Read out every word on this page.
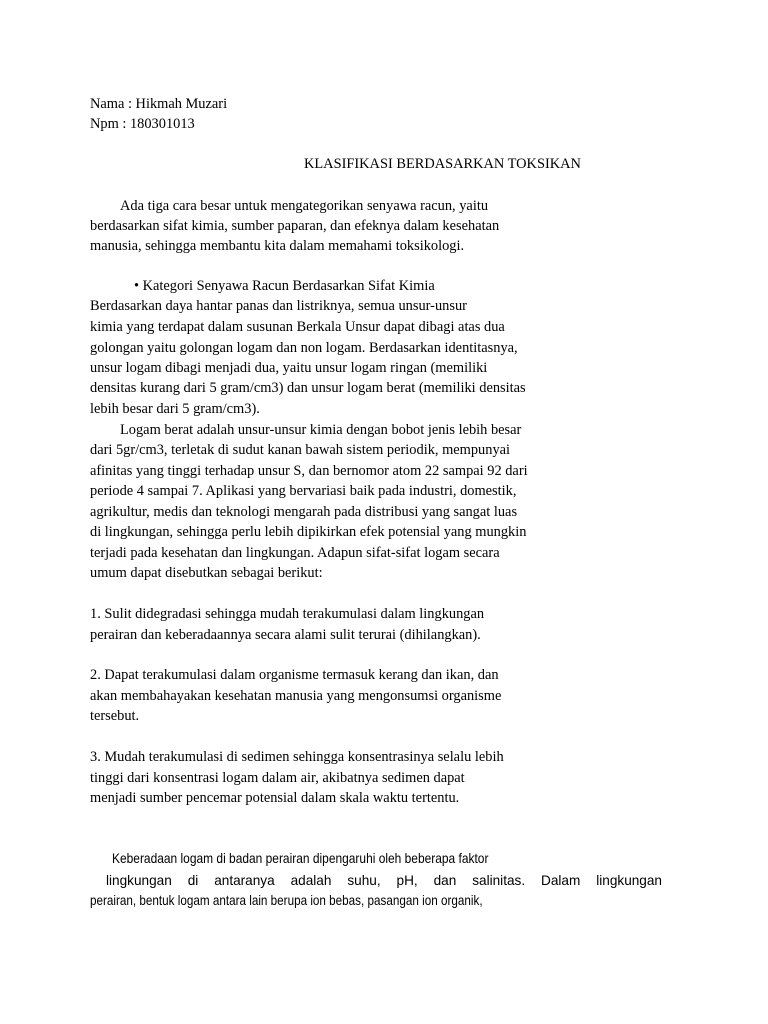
Nama : Hikmah Muzari
Npm : 180301013
KLASIFIKASI BERDASARKAN TOKSIKAN
Ada tiga cara besar untuk mengategorikan senyawa racun, yaitu
berdasarkan sifat kimia, sumber paparan, dan efeknya dalam kesehatan
manusia, sehingga membantu kita dalam memahami toksikologi.
• Kategori Senyawa Racun Berdasarkan Sifat Kimia
Berdasarkan daya hantar panas dan listriknya, semua unsur-unsur
kimia yang terdapat dalam susunan Berkala Unsur dapat dibagi atas dua
golongan yaitu golongan logam dan non logam. Berdasarkan identitasnya,
unsur logam dibagi menjadi dua, yaitu unsur logam ringan (memiliki
densitas kurang dari 5 gram/cm3) dan unsur logam berat (memiliki densitas
lebih besar dari 5 gram/cm3).
Logam berat adalah unsur-unsur kimia dengan bobot jenis lebih besar
dari 5gr/cm3, terletak di sudut kanan bawah sistem periodik, mempunyai
afinitas yang tinggi terhadap unsur S, dan bernomor atom 22 sampai 92 dari
periode 4 sampai 7. Aplikasi yang bervariasi baik pada industri, domestik,
agrikultur, medis dan teknologi mengarah pada distribusi yang sangat luas
di lingkungan, sehingga perlu lebih dipikirkan efek potensial yang mungkin
terjadi pada kesehatan dan lingkungan. Adapun sifat-sifat logam secara
umum dapat disebutkan sebagai berikut:
1. Sulit didegradasi sehingga mudah terakumulasi dalam lingkungan
perairan dan keberadaannya secara alami sulit terurai (dihilangkan).
2. Dapat terakumulasi dalam organisme termasuk kerang dan ikan, dan
akan membahayakan kesehatan manusia yang mengonsumsi organisme
tersebut.
3. Mudah terakumulasi di sedimen sehingga konsentrasinya selalu lebih
tinggi dari konsentrasi logam dalam air, akibatnya sedimen dapat
menjadi sumber pencemar potensial dalam skala waktu tertentu.
Keberadaan logam di badan perairan dipengaruhi oleh beberapa faktor
lingkungan di antaranya adalah suhu, pH, dan salinitas. Dalam lingkungan
perairan, bentuk logam antara lain berupa ion bebas, pasangan ion organik,
